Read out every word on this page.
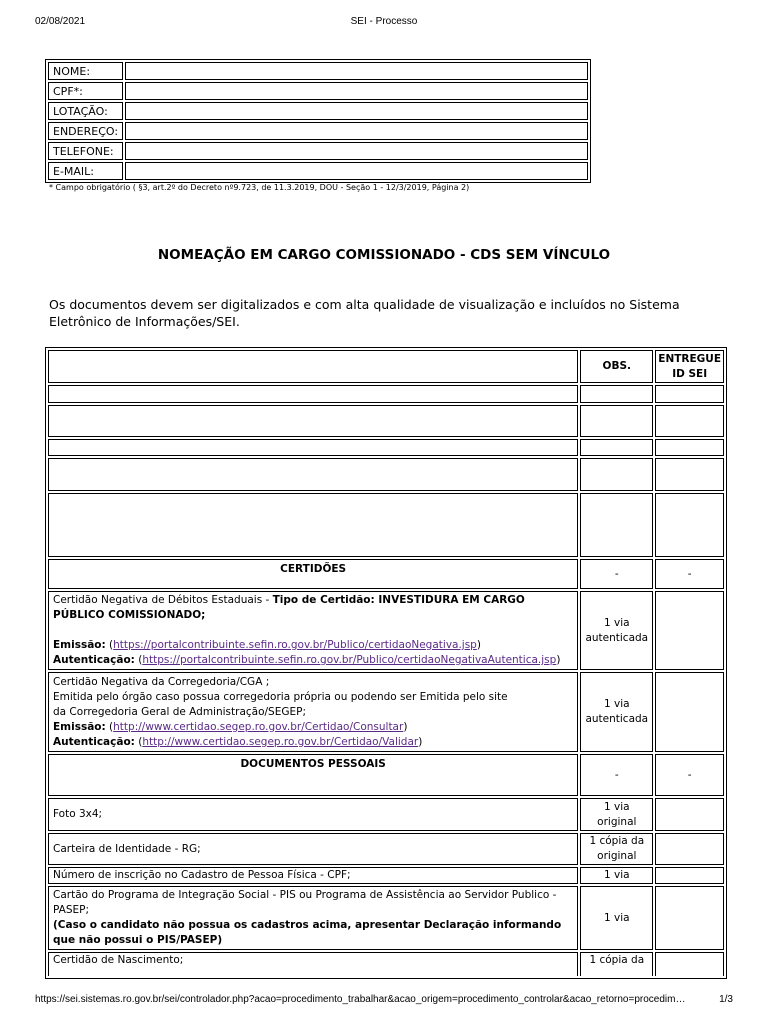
02/08/2021	SEI - Processo
NOME:	
CPF*:	
LOTAÇÃO:	
ENDEREÇO:	
TELEFONE:	
E-MAIL:	
* Campo obrigatório ( §3, art.2º do Decreto nº9.723, de 11.3.2019, DOU - Seção 1 - 12/3/2019, Página 2)
NOMEAÇÃO EM CARGO COMISSIONADO - CDS SEM VÍNCULO
Os documentos devem ser digitalizados e com alta qualidade de visualização e incluídos no Sistema Eletrônico de Informações/SEI.
	OBS.	ENTREGUE
ID SEI

CERTIDÕES	-	-
Certidão Negativa de Débitos Estaduais - Tipo de Certidão: INVESTIDURA EM CARGO PÚBLICO COMISSIONADO;

Emissão: (https://portalcontribuinte.sefin.ro.gov.br/Publico/certidaoNegativa.jsp)
Autenticação: (https://portalcontribuinte.sefin.ro.gov.br/Publico/certidaoNegativaAutentica.jsp)	1 via
autenticada	
Certidão Negativa da Corregedoria/CGA ;
Emitida pelo órgão caso possua corregedoria própria ou podendo ser Emitida pelo site
da Corregedoria Geral de Administração/SEGEP;
Emissão: (http://www.certidao.segep.ro.gov.br/Certidao/Consultar)
Autenticação: (http://www.certidao.segep.ro.gov.br/Certidao/Validar)	1 via
autenticada	
DOCUMENTOS PESSOAIS	-	-
Foto 3x4;	1 via
original	
Carteira de Identidade - RG;	1 cópia da
original	
Número de inscrição no Cadastro de Pessoa Física - CPF;	1 via	
Cartão do Programa de Integração Social - PIS ou Programa de Assistência ao Servidor Publico - PASEP;
(Caso o candidato não possua os cadastros acima, apresentar Declaração informando que não possui o PIS/PASEP)	1 via	
Certidão de Nascimento;	1 cópia da	
https://sei.sistemas.ro.gov.br/sei/controlador.php?acao=procedimento_trabalhar&acao_origem=procedimento_controlar&acao_retorno=procedim…	1/3
